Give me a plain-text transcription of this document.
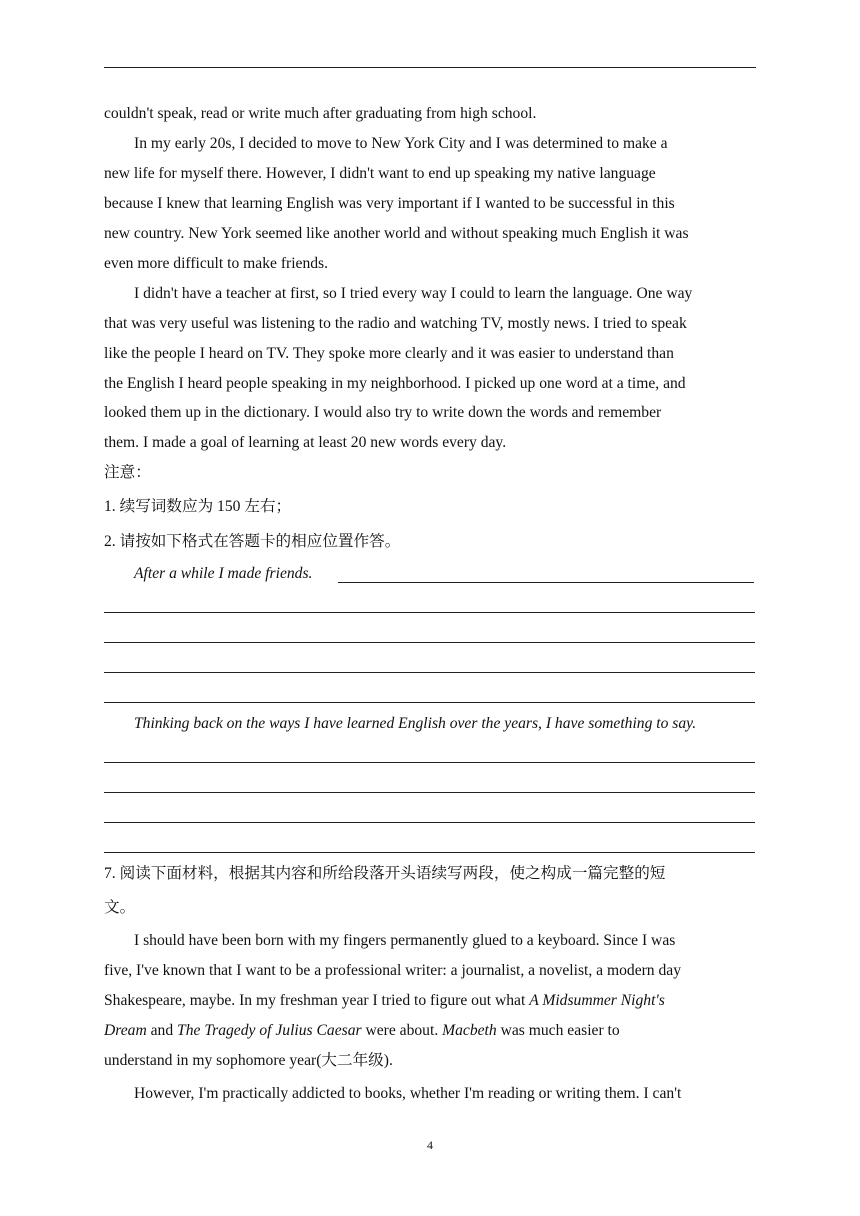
couldn't speak, read or write much after graduating from high school.
In my early 20s, I decided to move to New York City and I was determined to make a
new life for myself there. However, I didn't want to end up speaking my native language
because I knew that learning English was very important if I wanted to be successful in this
new country. New York seemed like another world and without speaking much English it was
even more difficult to make friends.
I didn't have a teacher at first, so I tried every way I could to learn the language. One way
that was very useful was listening to the radio and watching TV, mostly news. I tried to speak
like the people I heard on TV. They spoke more clearly and it was easier to understand than
the English I heard people speaking in my neighborhood. I picked up one word at a time, and
looked them up in the dictionary. I would also try to write down the words and remember
them. I made a goal of learning at least 20 new words every day.
注意：
1. 续写词数应为 150 左右；
2. 请按如下格式在答题卡的相应位置作答。
After a while I made friends.
Thinking back on the ways I have learned English over the years, I have something to say.
7. 阅读下面材料，根据其内容和所给段落开头语续写两段，使之构成一篇完整的短
文。
I should have been born with my fingers permanently glued to a keyboard. Since I was
five, I've known that I want to be a professional writer: a journalist, a novelist, a modern day
Shakespeare, maybe. In my freshman year I tried to figure out what A Midsummer Night's
Dream and The Tragedy of Julius Caesar were about. Macbeth was much easier to
understand in my sophomore year(大二年级).
However, I'm practically addicted to books, whether I'm reading or writing them. I can't
4
